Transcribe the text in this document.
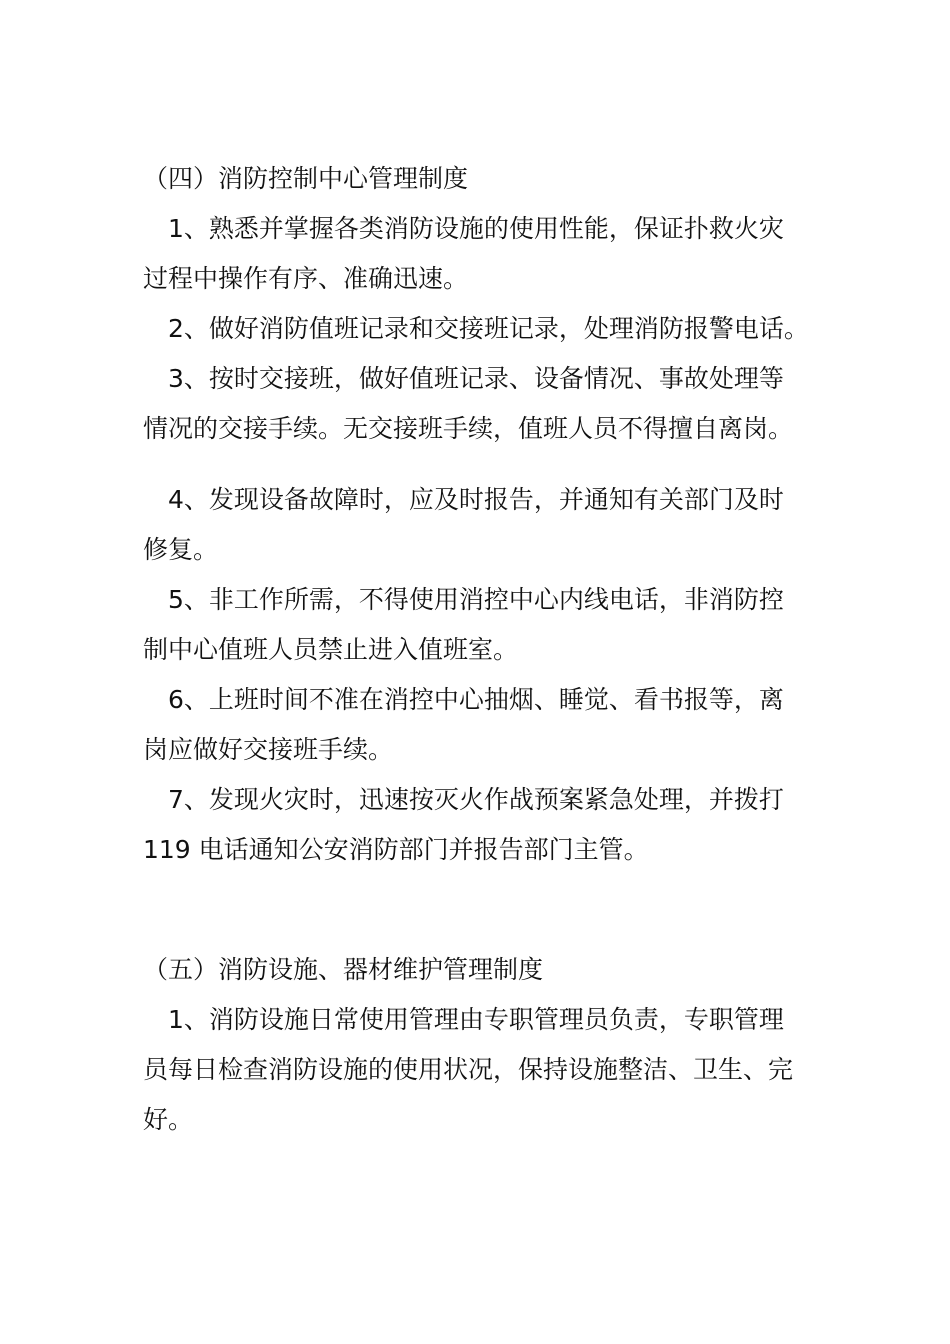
（四）消防控制中心管理制度
1、熟悉并掌握各类消防设施的使用性能，保证扑救火灾
过程中操作有序、准确迅速。
2、做好消防值班记录和交接班记录，处理消防报警电话。
3、按时交接班，做好值班记录、设备情况、事故处理等
情况的交接手续。无交接班手续，值班人员不得擅自离岗。
4、发现设备故障时，应及时报告，并通知有关部门及时
修复。
5、非工作所需，不得使用消控中心内线电话，非消防控
制中心值班人员禁止进入值班室。
6、上班时间不准在消控中心抽烟、睡觉、看书报等，离
岗应做好交接班手续。
7、发现火灾时，迅速按灭火作战预案紧急处理，并拨打
119 电话通知公安消防部门并报告部门主管。
（五）消防设施、器材维护管理制度
1、消防设施日常使用管理由专职管理员负责，专职管理
员每日检查消防设施的使用状况，保持设施整洁、卫生、完
好。
